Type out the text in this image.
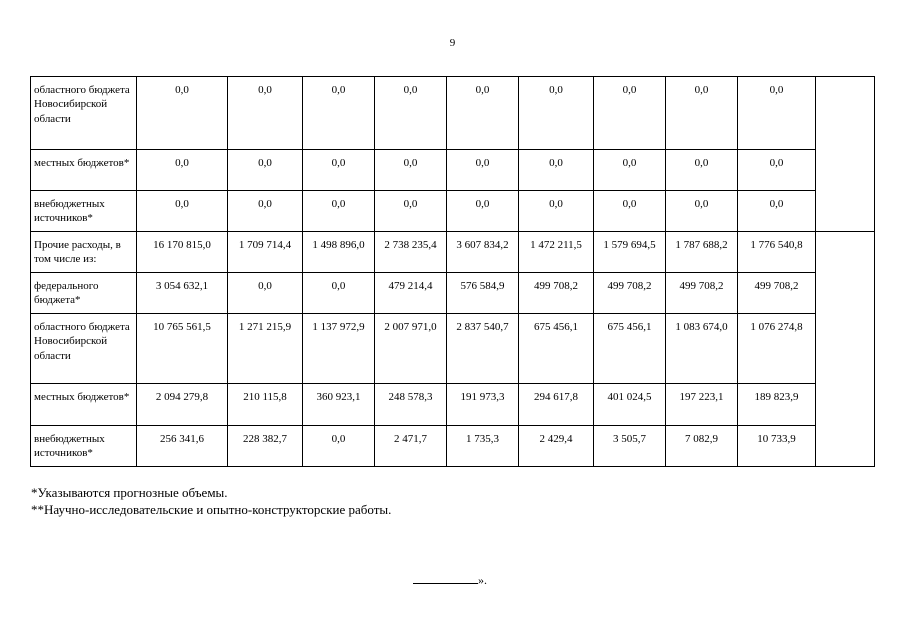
9
областного бюджета Новосибирской области	0,0	0,0	0,0	0,0	0,0	0,0	0,0	0,0	0,0	
местных бюджетов*	0,0	0,0	0,0	0,0	0,0	0,0	0,0	0,0	0,0	
внебюджетных источников*	0,0	0,0	0,0	0,0	0,0	0,0	0,0	0,0	0,0	
Прочие расходы, в том числе из:	16 170 815,0	1 709 714,4	1 498 896,0	2 738 235,4	3 607 834,2	1 472 211,5	1 579 694,5	1 787 688,2	1 776 540,8	
федерального бюджета*	3 054 632,1	0,0	0,0	479 214,4	576 584,9	499 708,2	499 708,2	499 708,2	499 708,2	
областного бюджета Новосибирской области	10 765 561,5	1 271 215,9	1 137 972,9	2 007 971,0	2 837 540,7	675 456,1	675 456,1	1 083 674,0	1 076 274,8	
местных бюджетов*	2 094 279,8	210 115,8	360 923,1	248 578,3	191 973,3	294 617,8	401 024,5	197 223,1	189 823,9	
внебюджетных источников*	256 341,6	228 382,7	0,0	2 471,7	1 735,3	2 429,4	3 505,7	7 082,9	10 733,9	
*Указываются прогнозные объемы.
**Научно-исследовательские и опытно-конструкторские работы.
».
